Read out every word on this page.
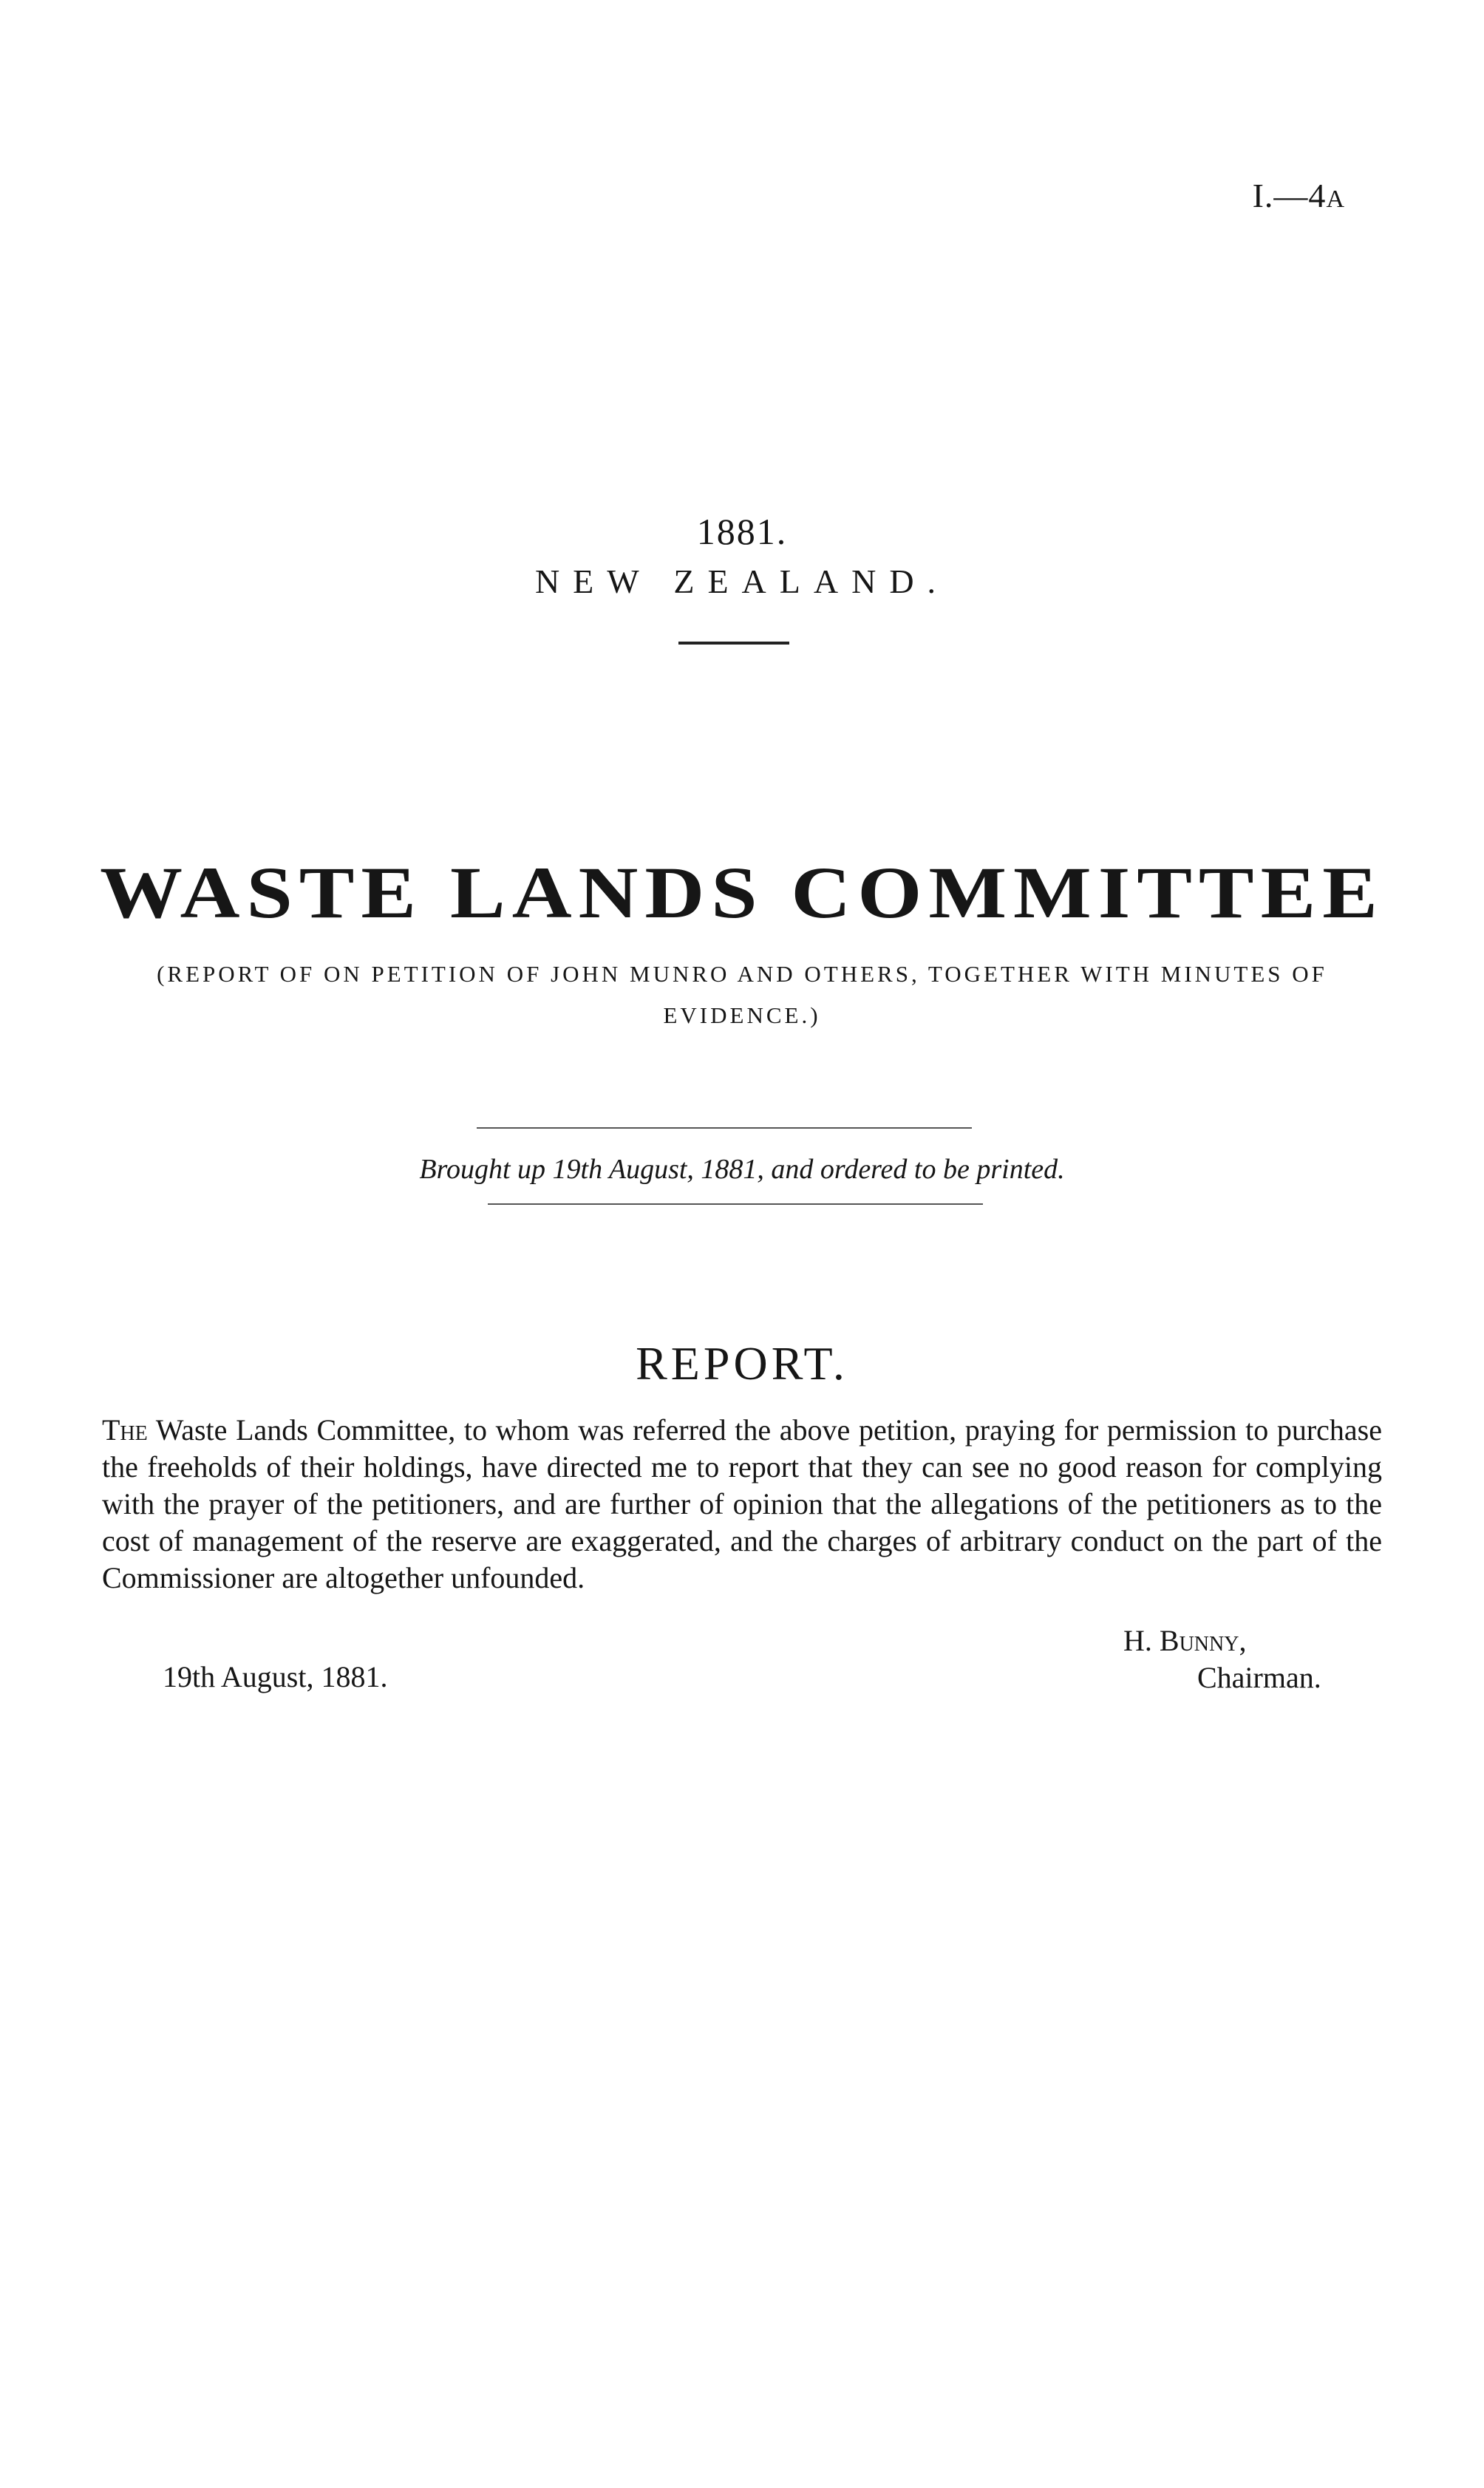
I.—4A
1881.
NEW ZEALAND.
WASTE LANDS COMMITTEE
(REPORT OF ON PETITION OF JOHN MUNRO AND OTHERS, TOGETHER WITH MINUTES OF EVIDENCE.)
Brought up 19th August, 1881, and ordered to be printed.
REPORT.
The Waste Lands Committee, to whom was referred the above petition, praying for permission to purchase the freeholds of their holdings, have directed me to report that they can see no good reason for complying with the prayer of the petitioners, and are further of opinion that the allegations of the petitioners as to the cost of management of the reserve are exaggerated, and the charges of arbitrary conduct on the part of the Commissioner are altogether unfounded.
H. Bunny,
Chairman.
19th August, 1881.
